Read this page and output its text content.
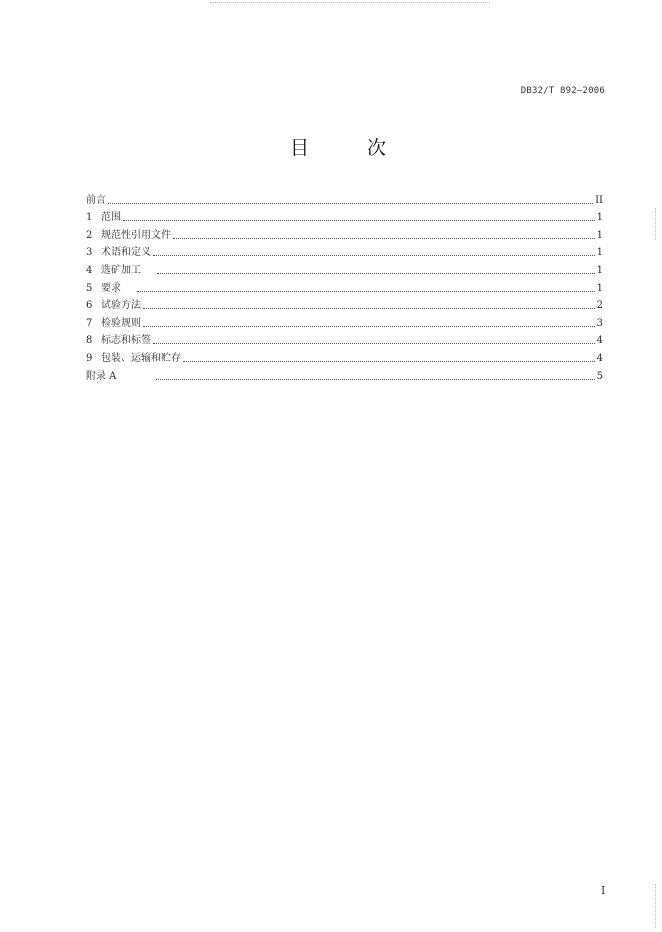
DB32/T 892—2006
目 次
前言	II
1 范围	1
2 规范性引用文件	1
3 术语和定义	1
4 选矿加工	1
5 要求	1
6 试验方法	2
7 检验规则	3
8 标志和标签	4
9 包装、运输和贮存	4
附录 A	5
I
